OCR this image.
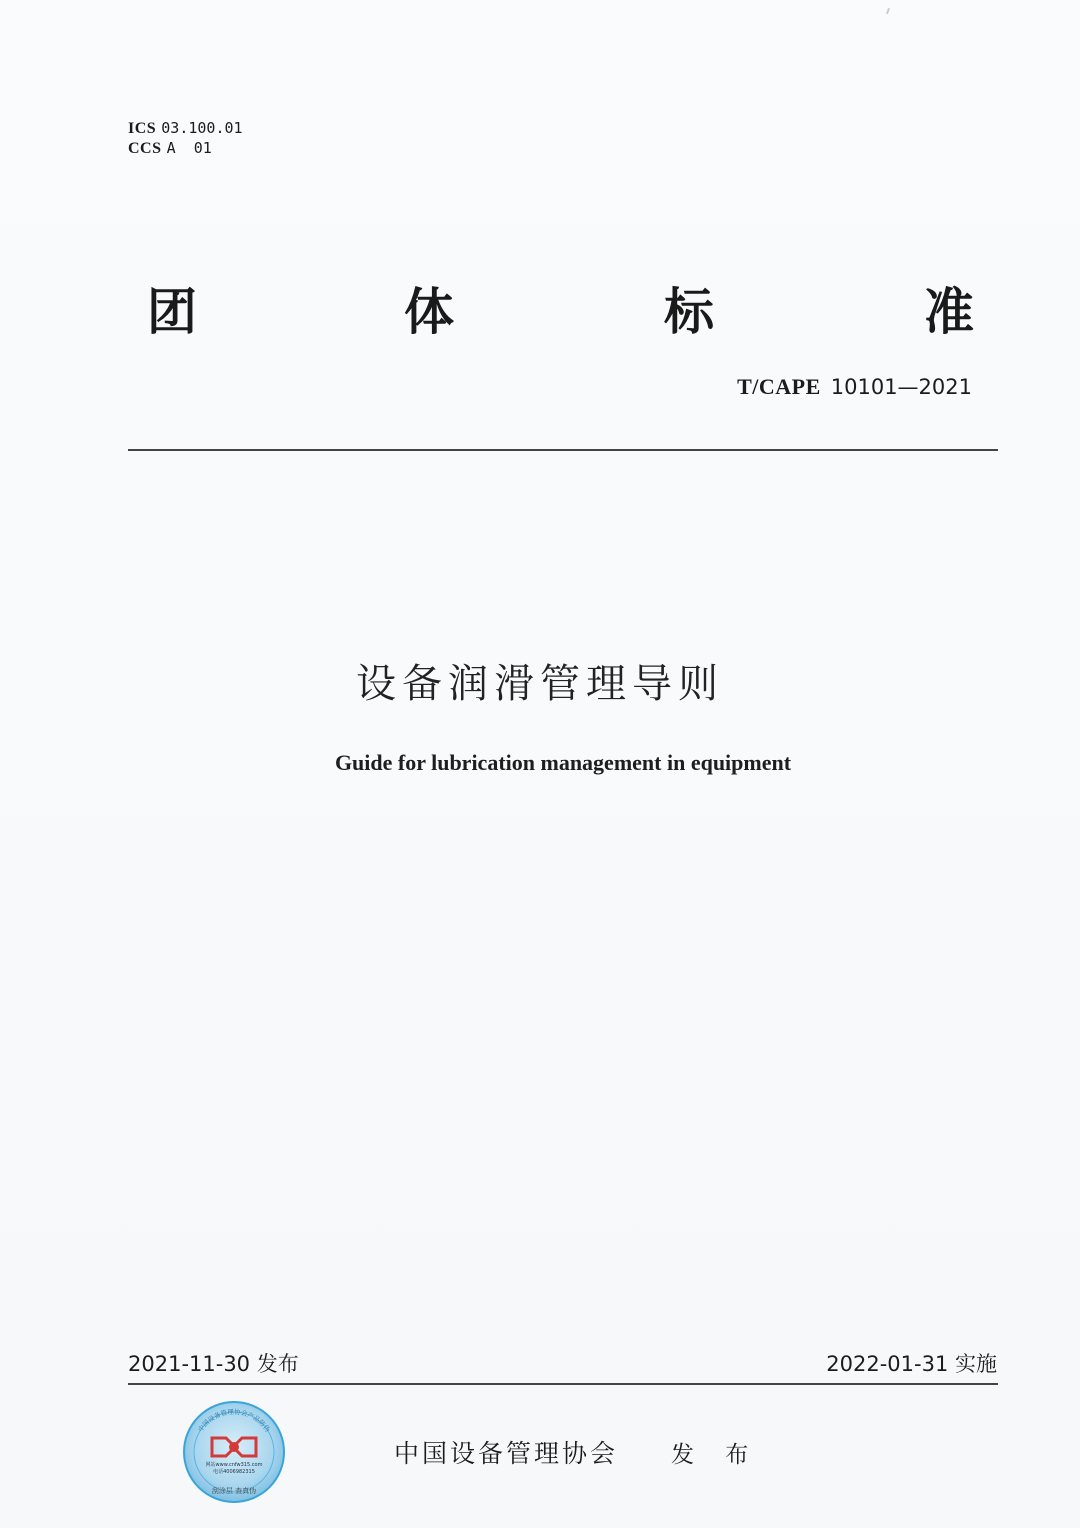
ICS 03.100.01
CCS A  01
团	体	标	准
T/CAPE 10101—2021
设备润滑管理导则
Guide for lubrication management in equipment
2021-11-30 发布	2022-01-31 实施
中国设备管理协会产品防伪
网站www.cnfw315.com
电话4006982315
刮涂层 查真伪
中国设备管理协会 发 布
